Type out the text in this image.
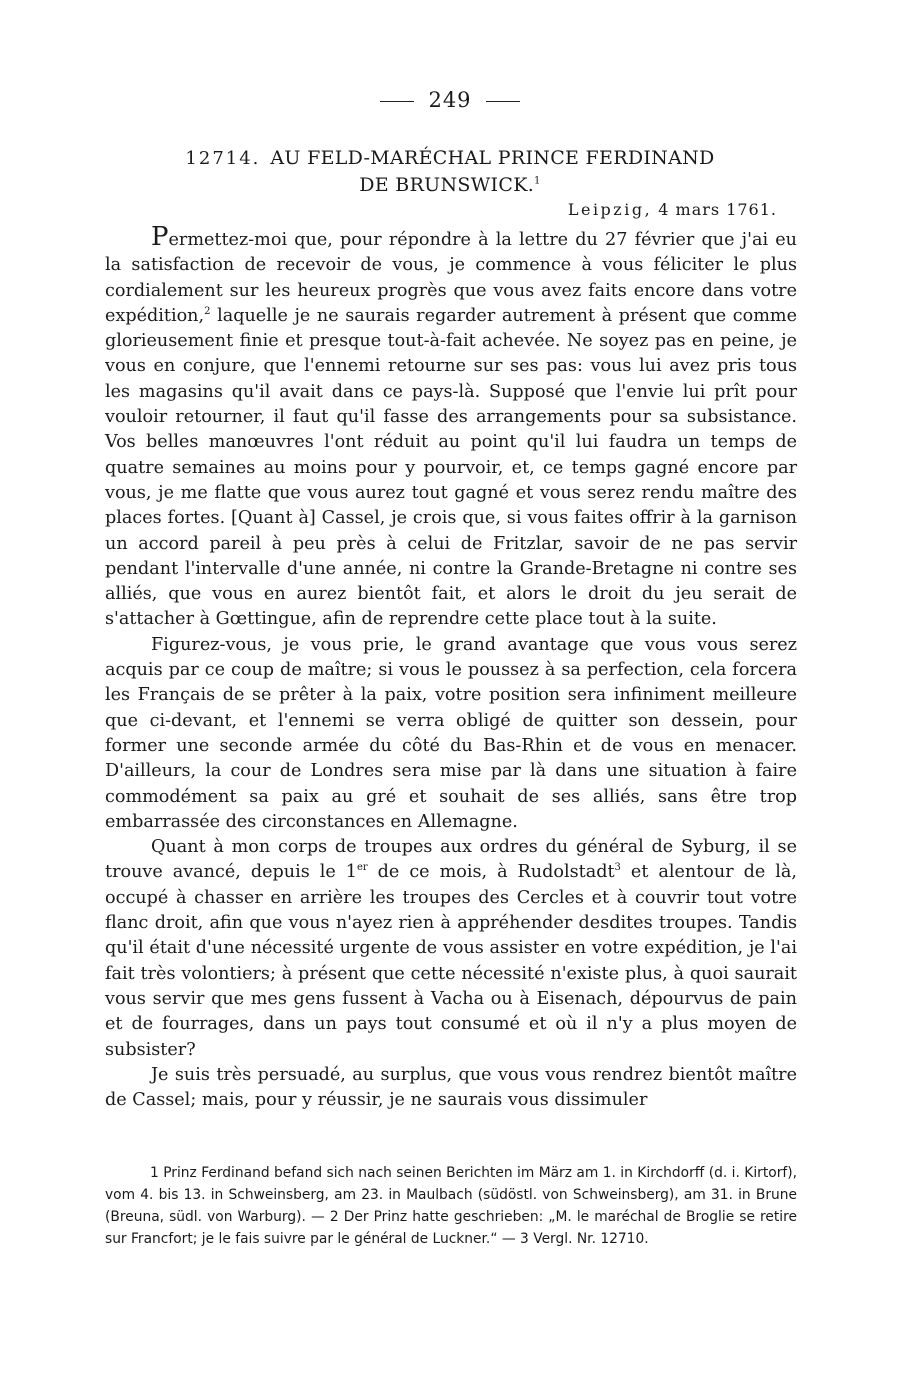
249
12714. AU FELD-MARÉCHAL PRINCE FERDINAND
DE BRUNSWICK.$^1$
Leipzig, 4 mars 1761.

Permettez-moi que, pour répondre à la lettre du 27 février que j'ai eu la satisfaction de recevoir de vous, je commence à vous féliciter le plus cordialement sur les heureux progrès que vous avez faits encore dans votre expédition,$^2$ laquelle je ne saurais regarder autrement à présent que comme glorieusement finie et presque tout-à-fait achevée. Ne soyez pas en peine, je vous en conjure, que l'ennemi retourne sur ses pas: vous lui avez pris tous les magasins qu'il avait dans ce pays-là. Supposé que l'envie lui prît pour vouloir retourner, il faut qu'il fasse des arrangements pour sa subsistance. Vos belles manœuvres l'ont réduit au point qu'il lui faudra un temps de quatre semaines au moins pour y pourvoir, et, ce temps gagné encore par vous, je me flatte que vous aurez tout gagné et vous serez rendu maître des places fortes. [Quant à] Cassel, je crois que, si vous faites offrir à la garnison un accord pareil à peu près à celui de Fritzlar, savoir de ne pas servir pendant l'intervalle d'une année, ni contre la Grande-Bretagne ni contre ses alliés, que vous en aurez bientôt fait, et alors le droit du jeu serait de s'attacher à Gœttingue, afin de reprendre cette place tout à la suite.

Figurez-vous, je vous prie, le grand avantage que vous vous serez acquis par ce coup de maître; si vous le poussez à sa perfection, cela forcera les Français de se prêter à la paix, votre position sera infiniment meilleure que ci-devant, et l'ennemi se verra obligé de quitter son dessein, pour former une seconde armée du côté du Bas-Rhin et de vous en menacer. D'ailleurs, la cour de Londres sera mise par là dans une situation à faire commodément sa paix au gré et souhait de ses alliés, sans être trop embarrassée des circonstances en Allemagne.

Quant à mon corps de troupes aux ordres du général de Syburg, il se trouve avancé, depuis le 1er de ce mois, à Rudolstadt$^3$ et alentour de là, occupé à chasser en arrière les troupes des Cercles et à couvrir tout votre flanc droit, afin que vous n'ayez rien à appréhender desdites troupes. Tandis qu'il était d'une nécessité urgente de vous assister en votre expédition, je l'ai fait très volontiers; à présent que cette nécessité n'existe plus, à quoi saurait vous servir que mes gens fussent à Vacha ou à Eisenach, dépourvus de pain et de fourrages, dans un pays tout consumé et où il n'y a plus moyen de subsister?

Je suis très persuadé, au surplus, que vous vous rendrez bientôt maître de Cassel; mais, pour y réussir, je ne saurais vous dissimuler

1 Prinz Ferdinand befand sich nach seinen Berichten im März am 1. in Kirchdorff (d. i. Kirtorf), vom 4. bis 13. in Schweinsberg, am 23. in Maulbach (südöstl. von Schweinsberg), am 31. in Brune (Breuna, südl. von Warburg). — 2 Der Prinz hatte geschrieben: „M. le maréchal de Broglie se retire sur Francfort; je le fais suivre par le général de Luckner.“ — 3 Vergl. Nr. 12710.
